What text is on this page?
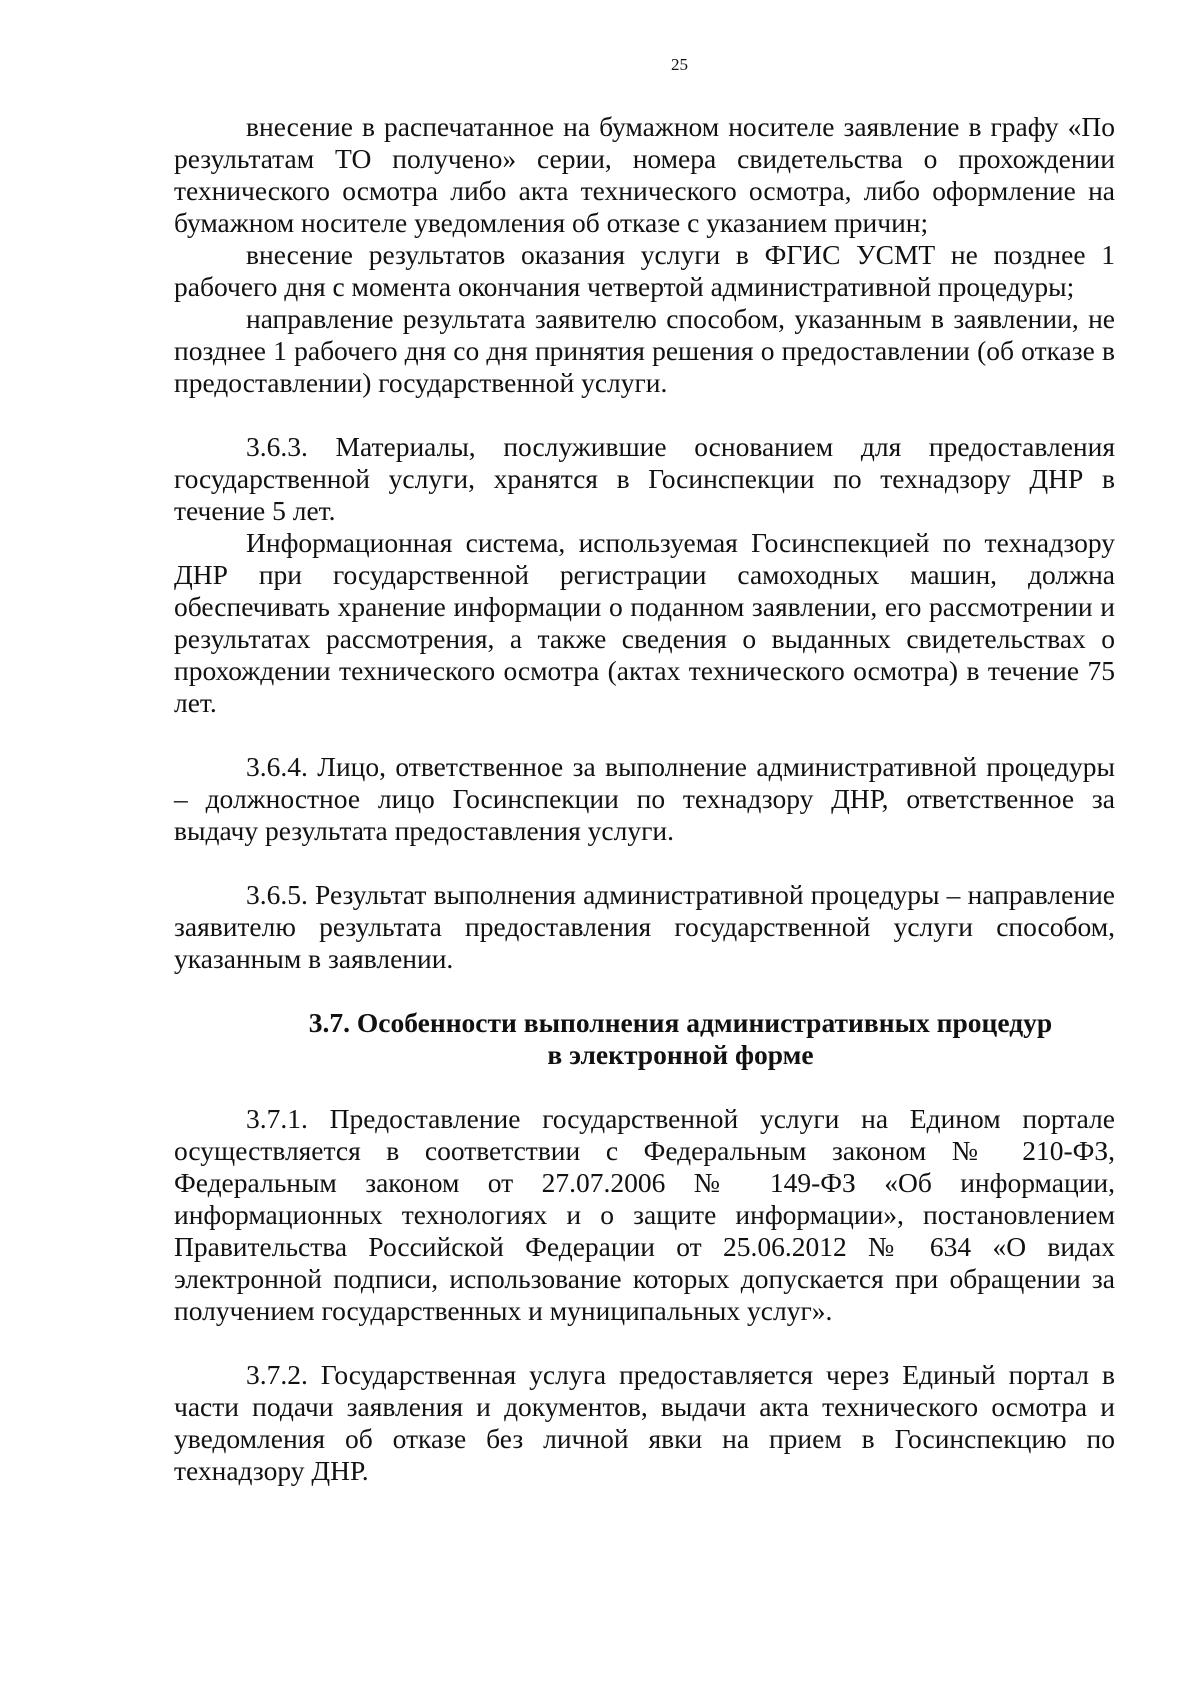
25

внесение в распечатанное на бумажном носителе заявление в графу «По результатам ТО получено» серии, номера свидетельства о прохождении технического осмотра либо акта технического осмотра, либо оформление на бумажном носителе уведомления об отказе с указанием причин;

внесение результатов оказания услуги в ФГИС УСМТ не позднее 1 рабочего дня с момента окончания четвертой административной процедуры;

направление результата заявителю способом, указанным в заявлении, не позднее 1 рабочего дня со дня принятия решения о предоставлении (об отказе в предоставлении) государственной услуги.

3.6.3. Материалы, послужившие основанием для предоставления государственной услуги, хранятся в Госинспекции по технадзору ДНР в течение 5 лет.

Информационная система, используемая Госинспекцией по технадзору ДНР при государственной регистрации самоходных машин, должна обеспечивать хранение информации о поданном заявлении, его рассмотрении и результатах рассмотрения, а также сведения о выданных свидетельствах о прохождении технического осмотра (актах технического осмотра) в течение 75 лет.

3.6.4. Лицо, ответственное за выполнение административной процедуры – должностное лицо Госинспекции по технадзору ДНР, ответственное за выдачу результата предоставления услуги.

3.6.5. Результат выполнения административной процедуры – направление заявителю результата предоставления государственной услуги способом, указанным в заявлении.

3.7. Особенности выполнения административных процедур
в электронной форме

3.7.1. Предоставление государственной услуги на Едином портале осуществляется в соответствии с Федеральным законом № 210-ФЗ, Федеральным законом от 27.07.2006 № 149-ФЗ «Об информации, информационных технологиях и о защите информации», постановлением Правительства Российской Федерации от 25.06.2012 № 634 «О видах электронной подписи, использование которых допускается при обращении за получением государственных и муниципальных услуг».

3.7.2. Государственная услуга предоставляется через Единый портал в части подачи заявления и документов, выдачи акта технического осмотра и уведомления об отказе без личной явки на прием в Госинспекцию по технадзору ДНР.
